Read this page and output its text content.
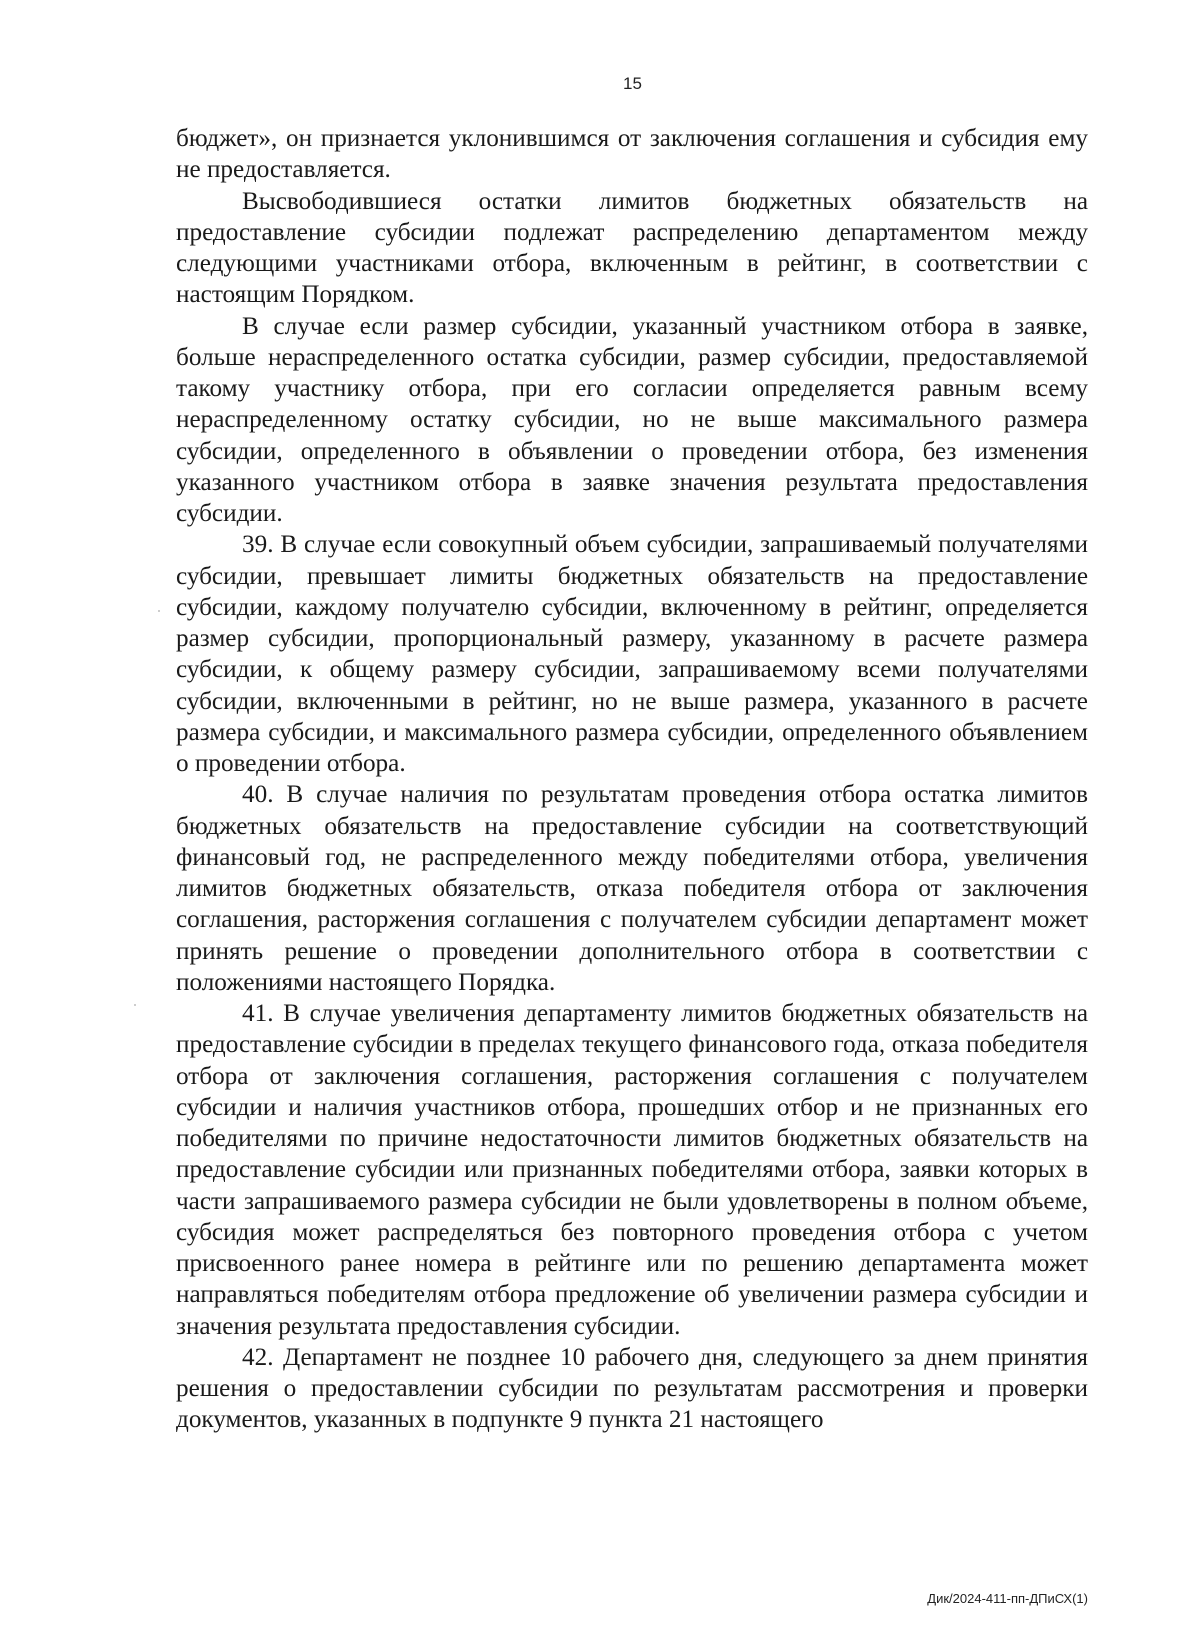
15

бюджет», он признается уклонившимся от заключения соглашения и субсидия ему не предоставляется.

Высвободившиеся остатки лимитов бюджетных обязательств на предоставление субсидии подлежат распределению департаментом между следующими участниками отбора, включенным в рейтинг, в соответствии с настоящим Порядком.

В случае если размер субсидии, указанный участником отбора в заявке, больше нераспределенного остатка субсидии, размер субсидии, предоставляемой такому участнику отбора, при его согласии определяется равным всему нераспределенному остатку субсидии, но не выше максимального размера субсидии, определенного в объявлении о проведении отбора, без изменения указанного участником отбора в заявке значения результата предоставления субсидии.

39. В случае если совокупный объем субсидии, запрашиваемый получателями субсидии, превышает лимиты бюджетных обязательств на предоставление субсидии, каждому получателю субсидии, включенному в рейтинг, определяется размер субсидии, пропорциональный размеру, указанному в расчете размера субсидии, к общему размеру субсидии, запрашиваемому всеми получателями субсидии, включенными в рейтинг, но не выше размера, указанного в расчете размера субсидии, и максимального размера субсидии, определенного объявлением о проведении отбора.

40. В случае наличия по результатам проведения отбора остатка лимитов бюджетных обязательств на предоставление субсидии на соответствующий финансовый год, не распределенного между победителями отбора, увеличения лимитов бюджетных обязательств, отказа победителя отбора от заключения соглашения, расторжения соглашения с получателем субсидии департамент может принять решение о проведении дополнительного отбора в соответствии с положениями настоящего Порядка.

41. В случае увеличения департаменту лимитов бюджетных обязательств на предоставление субсидии в пределах текущего финансового года, отказа победителя отбора от заключения соглашения, расторжения соглашения с получателем субсидии и наличия участников отбора, прошедших отбор и не признанных его победителями по причине недостаточности лимитов бюджетных обязательств на предоставление субсидии или признанных победителями отбора, заявки которых в части запрашиваемого размера субсидии не были удовлетворены в полном объеме, субсидия может распределяться без повторного проведения отбора с учетом присвоенного ранее номера в рейтинге или по решению департамента может направляться победителям отбора предложение об увеличении размера субсидии и значения результата предоставления субсидии.

42. Департамент не позднее 10 рабочего дня, следующего за днем принятия решения о предоставлении субсидии по результатам рассмотрения и проверки документов, указанных в подпункте 9 пункта 21 настоящего

Дик/2024-411-пп-ДПиСХ(1)
